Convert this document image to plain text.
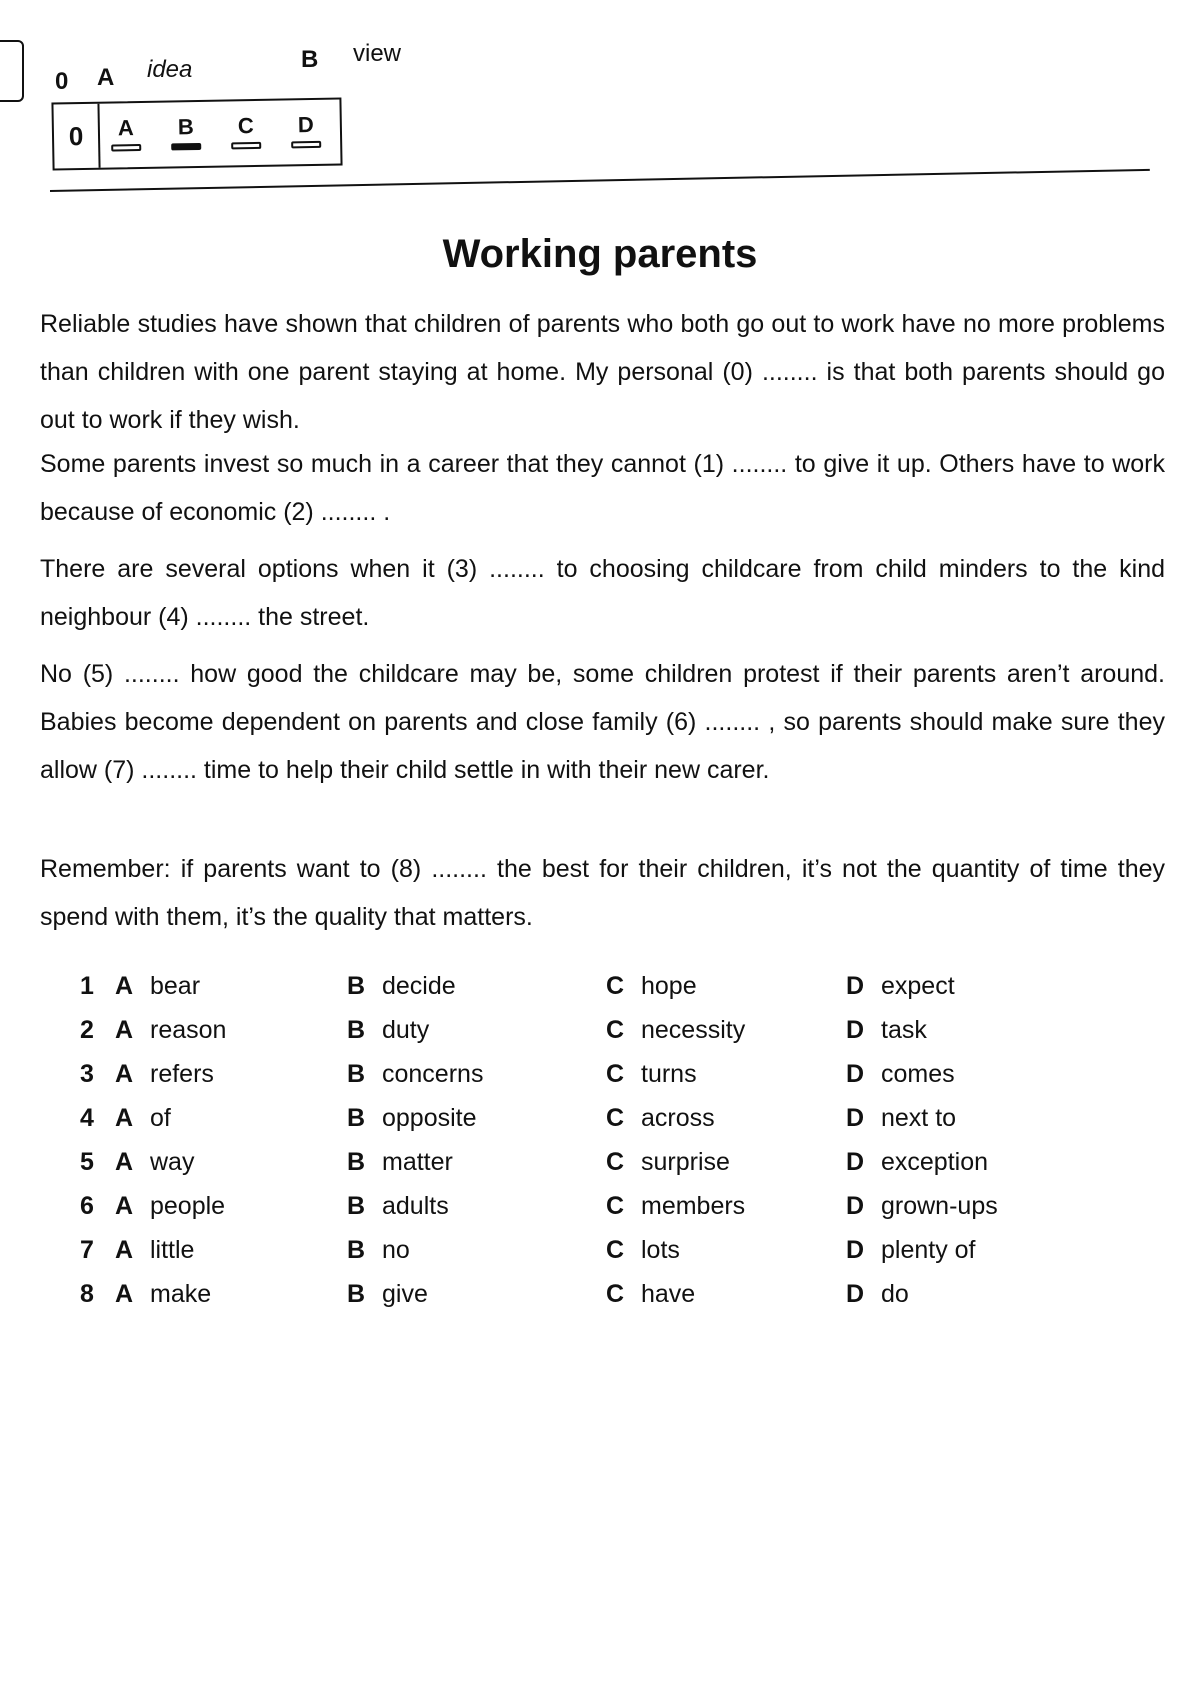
0 A idea	B view
0	A	B	C	D
Working parents
Reliable studies have shown that children of parents who both go out to work have no more problems than children with one parent staying at home. My personal (0) ........ is that both parents should go out to work if they wish.
Some parents invest so much in a career that they cannot (1) ........ to give it up. Others have to work because of economic (2) ........ .
There are several options when it (3) ........ to choosing childcare from child minders to the kind neighbour (4) ........ the street.
No (5) ........ how good the childcare may be, some children protest if their parents aren’t around. Babies become dependent on parents and close family (6) ........ , so parents should make sure they allow (7) ........ time to help their child settle in with their new carer.
Remember: if parents want to (8) ........ the best for their children, it’s not the quantity of time they spend with them, it’s the quality that matters.
1 A bear	B decide	C hope	D expect
2 A reason	B duty	C necessity	D task
3 A refers	B concerns	C turns	D comes
4 A of	B opposite	C across	D next to
5 A way	B matter	C surprise	D exception
6 A people	B adults	C members	D grown-ups
7 A little	B no	C lots	D plenty of
8 A make	B give	C have	D do
